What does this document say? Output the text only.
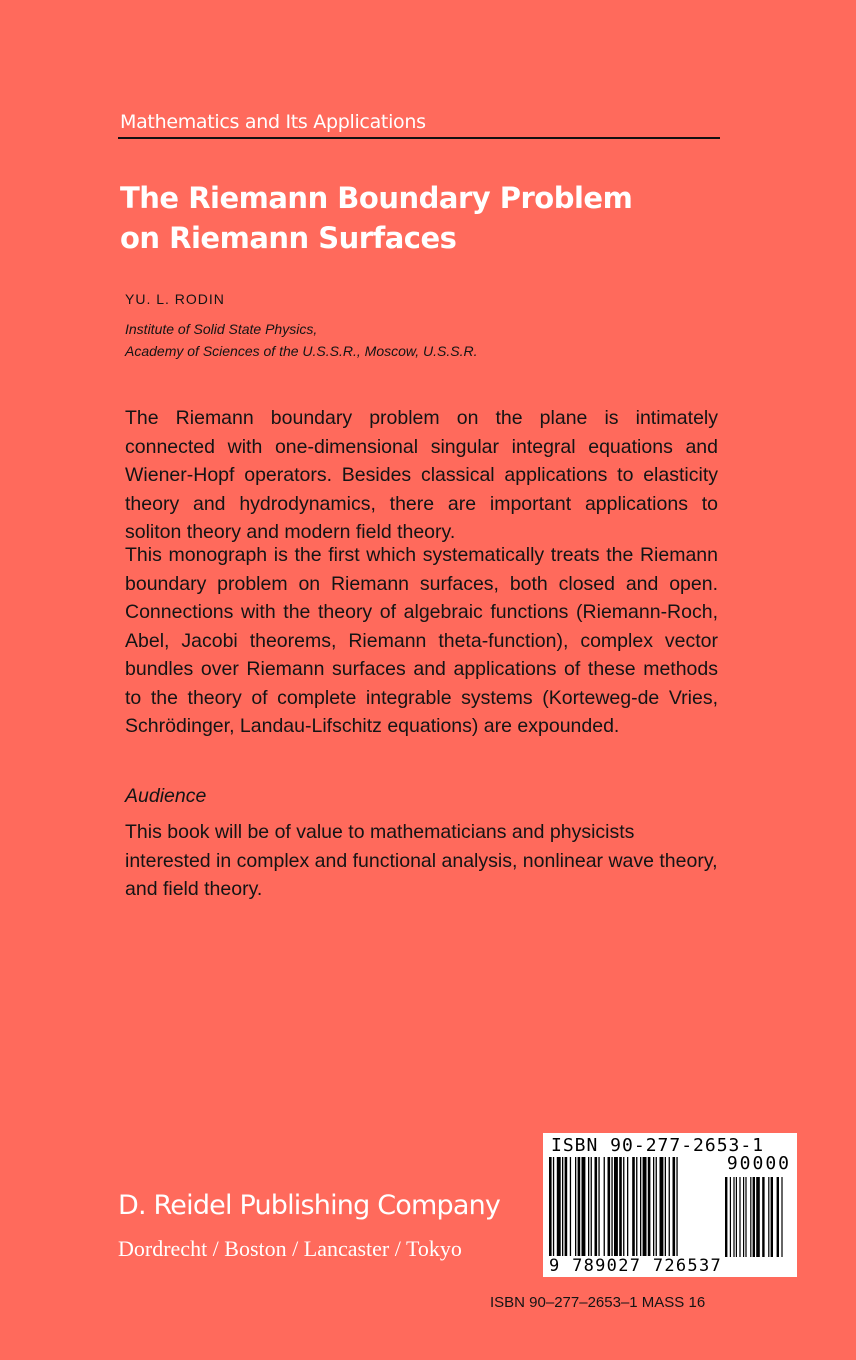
Mathematics and Its Applications
The Riemann Boundary Problem
on Riemann Surfaces
YU. L. RODIN
Institute of Solid State Physics,
Academy of Sciences of the U.S.S.R., Moscow, U.S.S.R.

The Riemann boundary problem on the plane is intimately connected with one-dimensional singular integral equations and Wiener-Hopf operators. Besides classical applications to elasticity theory and hydrodynamics, there are important applications to soliton theory and modern field theory.

This monograph is the first which systematically treats the Riemann boundary problem on Riemann surfaces, both closed and open. Connections with the theory of algebraic functions (Riemann-Roch, Abel, Jacobi theorems, Riemann theta-function), complex vector bundles over Riemann surfaces and applications of these methods to the theory of complete integrable systems (Korteweg-de Vries, Schrödinger, Landau-Lifschitz equations) are expounded.

Audience

This book will be of value to mathematicians and physicists interested in complex and functional analysis, nonlinear wave theory, and field theory.

D. Reidel Publishing Company
Dordrecht / Boston / Lancaster / Tokyo
ISBN 90-277-2653-1
90000
9 789027 726537
ISBN 90–277–2653–1 MASS 16
